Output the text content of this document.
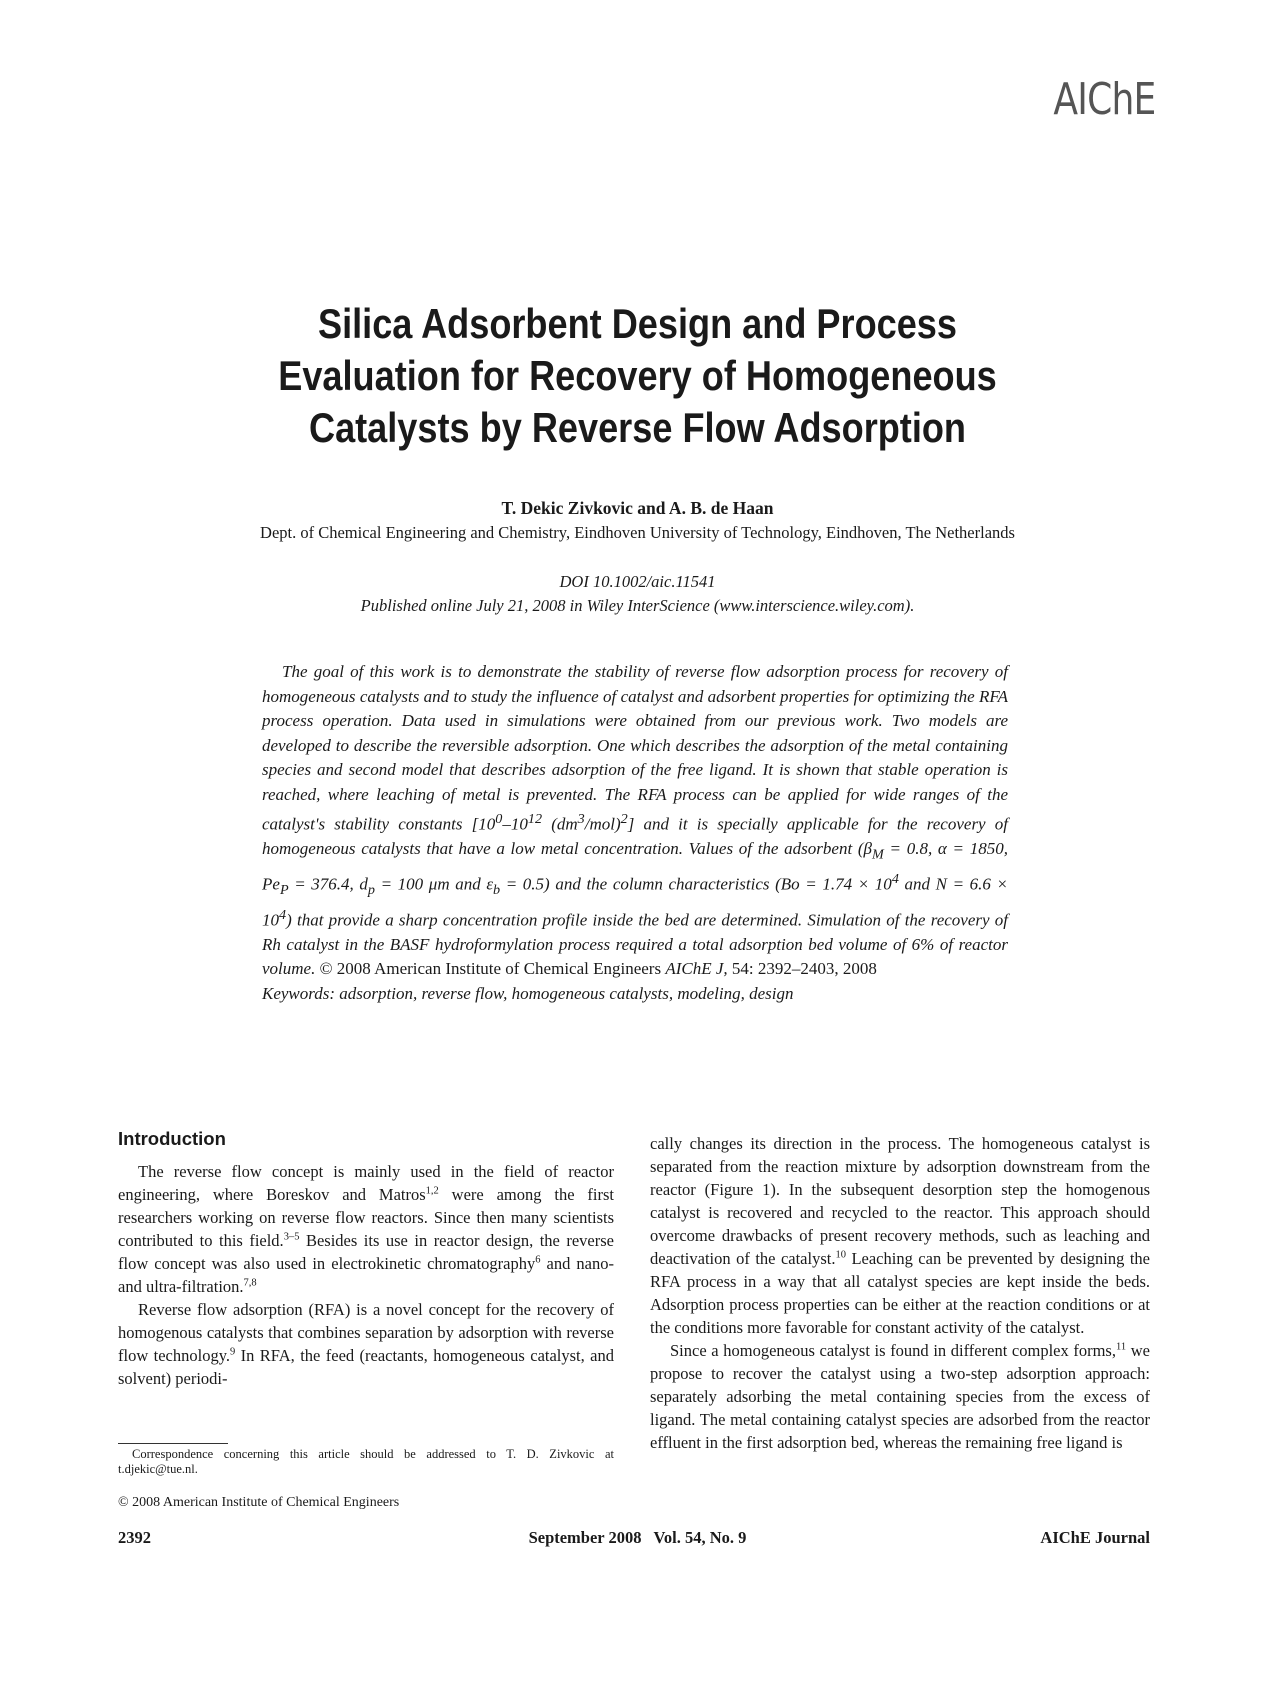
AIChE
Silica Adsorbent Design and Process
Evaluation for Recovery of Homogeneous
Catalysts by Reverse Flow Adsorption
T. Dekic Zivkovic and A. B. de Haan
Dept. of Chemical Engineering and Chemistry, Eindhoven University of Technology, Eindhoven, The Netherlands
DOI 10.1002/aic.11541
Published online July 21, 2008 in Wiley InterScience (www.interscience.wiley.com).

The goal of this work is to demonstrate the stability of reverse flow adsorption process for recovery of homogeneous catalysts and to study the influence of catalyst and adsorbent properties for optimizing the RFA process operation. Data used in simulations were obtained from our previous work. Two models are developed to describe the reversible adsorption. One which describes the adsorption of the metal containing species and second model that describes adsorption of the free ligand. It is shown that stable operation is reached, where leaching of metal is prevented. The RFA process can be applied for wide ranges of the catalyst's stability constants [$10^0-10^{12}$ $(dm^3/mol)^2$] and it is specially applicable for the recovery of homogeneous catalysts that have a low metal concentration. Values of the adsorbent ($\beta_M = 0.8$, α = 1850, $Pe_P = 376.4$, $d_p = 100$ μm and $\varepsilon_b = 0.5$) and the column characteristics ($Bo = 1.74 \times 10^4$ and $N = 6.6 \times 10^4$) that provide a sharp concentration profile inside the bed are determined. Simulation of the recovery of Rh catalyst in the BASF hydroformylation process required a total adsorption bed volume of 6% of reactor volume. © 2008 American Institute of Chemical Engineers AIChE J, 54: 2392–2403, 2008

Keywords: adsorption, reverse flow, homogeneous catalysts, modeling, design
Introduction

The reverse flow concept is mainly used in the field of reactor engineering, where Boreskov and Matros$^{1,2}$ were among the first researchers working on reverse flow reactors. Since then many scientists contributed to this field.$^{3-5}$ Besides its use in reactor design, the reverse flow concept was also used in electrokinetic chromatography$^6$ and nano- and ultra-filtration.$^{7,8}$

Reverse flow adsorption (RFA) is a novel concept for the recovery of homogenous catalysts that combines separation by adsorption with reverse flow technology.$^9$ In RFA, the feed (reactants, homogeneous catalyst, and solvent) periodi-

cally changes its direction in the process. The homogeneous catalyst is separated from the reaction mixture by adsorption downstream from the reactor (Figure 1). In the subsequent desorption step the homogenous catalyst is recovered and recycled to the reactor. This approach should overcome drawbacks of present recovery methods, such as leaching and deactivation of the catalyst.$^{10}$ Leaching can be prevented by designing the RFA process in a way that all catalyst species are kept inside the beds. Adsorption process properties can be either at the reaction conditions or at the conditions more favorable for constant activity of the catalyst.

Since a homogeneous catalyst is found in different complex forms,$^{11}$ we propose to recover the catalyst using a two-step adsorption approach: separately adsorbing the metal containing species from the excess of ligand. The metal containing catalyst species are adsorbed from the reactor effluent in the first adsorption bed, whereas the remaining free ligand is

Correspondence concerning this article should be addressed to T. D. Zivkovic at t.djekic@tue.nl.
© 2008 American Institute of Chemical Engineers
2392	September 2008   Vol. 54, No. 9	AIChE Journal
